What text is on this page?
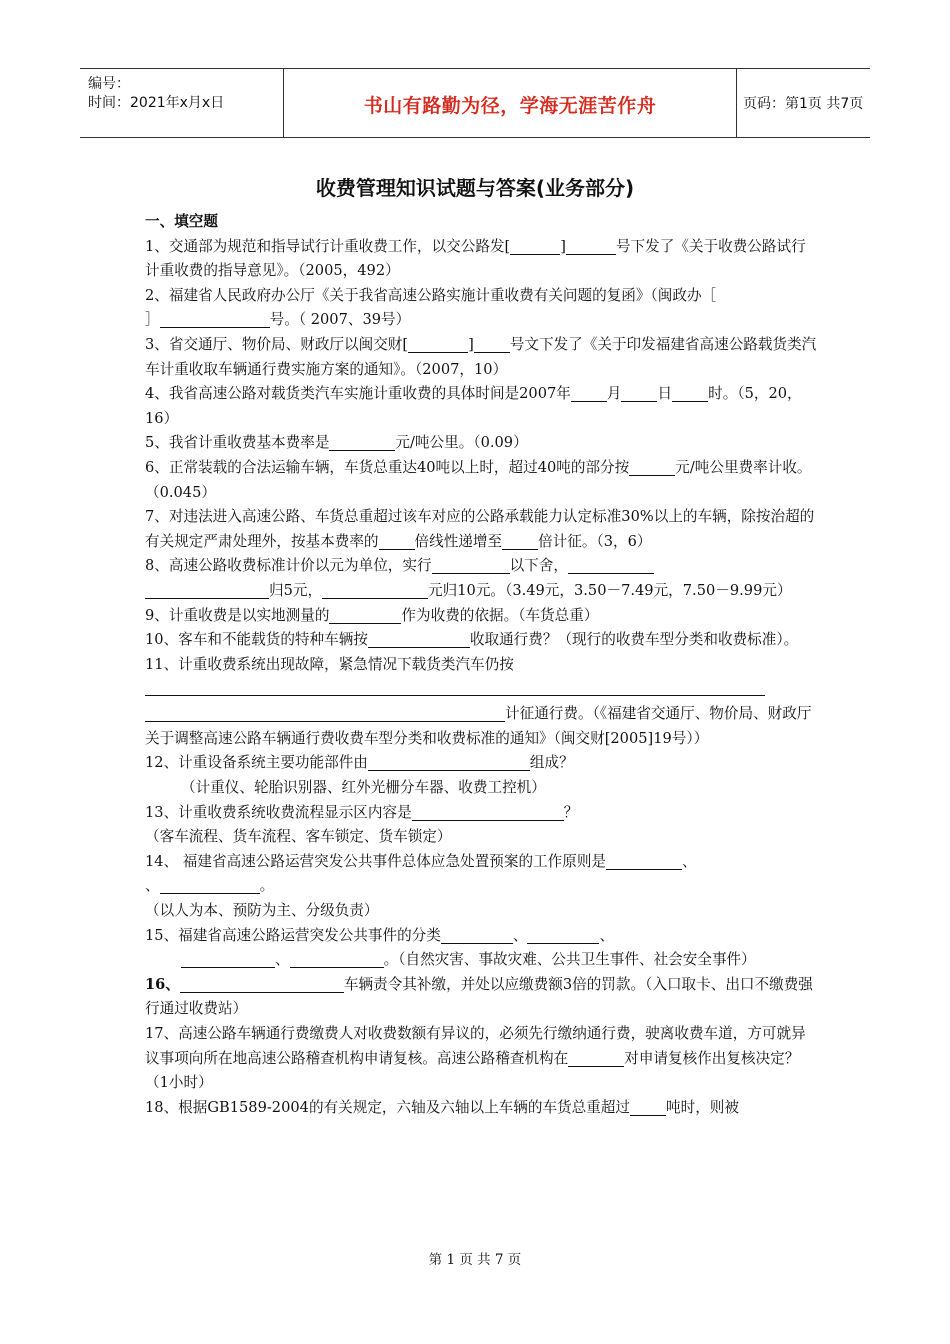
编号：
时间：2021年x月x日	书山有路勤为径，学海无涯苦作舟	页码：第1页 共7页
收费管理知识试题与答案(业务部分)

一、填空题

1、交通部为规范和指导试行计重收费工作，以交公路发[	]	号下发了《关于收费公路试行计重收费的指导意见》。（2005，492）

2、福建省人民政府办公厅《关于我省高速公路实施计重收费有关问题的复函》（闽政办［
］	号。（ 2007、39号）

3、省交通厅、物价局、财政厅以闽交财[	] 号文下发了《关于印发福建省高速公路载货类汽车计重收取车辆通行费实施方案的通知》。（2007，10）

4、我省高速公路对载货类汽车实施计重收费的具体时间是2007年 月 日 时。（5，20，16）

5、我省计重收费基本费率是	元/吨公里。（0.09）

6、正常装载的合法运输车辆，车货总重达40吨以上时，超过40吨的部分按	元/吨公里费率计收。（0.045）

7、对违法进入高速公路、车货总重超过该车对应的公路承载能力认定标准30%以上的车辆，除按治超的有关规定严肃处理外，按基本费率的 倍线性递增至 倍计征。（3，6）

8、高速公路收费标准计价以元为单位，实行	以下舍，
归5元，	元归10元。（3.49元，3.50－7.49元，7.50－9.99元）

9、计重收费是以实地测量的	作为收费的依据。（车货总重）

10、客车和不能载货的特种车辆按	收取通行费？（现行的收费车型分类和收费标准）。

11、计重收费系统出现故障，紧急情况下载货类汽车仍按

计征通行费。（《福建省交通厅、物价局、财政厅关于调整高速公路车辆通行费收费车型分类和收费标准的通知》（闽交财[2005]19号））

12、计重设备系统主要功能部件由	组成？

（计重仪、轮胎识别器、红外光栅分车器、收费工控机）

13、计重收费系统收费流程显示区内容是	？

（客车流程、货车流程、客车锁定、货车锁定）

14、 福建省高速公路运营突发公共事件总体应急处置预案的工作原则是	、
、	。

（以人为本、预防为主、分级负责）

15、福建省高速公路运营突发公共事件的分类	、	、
、	。（自然灾害、事故灾难、公共卫生事件、社会安全事件）

16、	车辆责令其补缴，并处以应缴费额3倍的罚款。（入口取卡、出口不缴费强行通过收费站）

17、高速公路车辆通行费缴费人对收费数额有异议的，必须先行缴纳通行费，驶离收费车道，方可就异议事项向所在地高速公路稽查机构申请复核。高速公路稽查机构在	对申请复核作出复核决定？（1小时）

18、根据GB1589-2004的有关规定，六轴及六轴以上车辆的车货总重超过 吨时，则被

第 1 页 共 7 页
